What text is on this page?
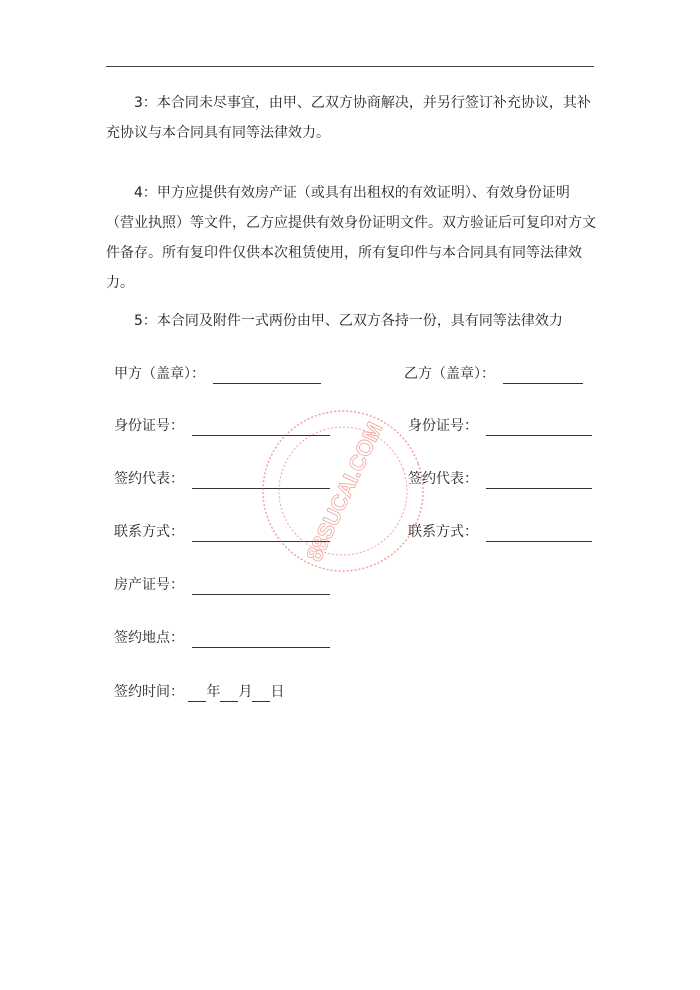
3：本合同未尽事宜，由甲、乙双方协商解决，并另行签订补充协议，其补充协议与本合同具有同等法律效力。

4：甲方应提供有效房产证（或具有出租权的有效证明）、有效身份证明（营业执照）等文件，乙方应提供有效身份证明文件。双方验证后可复印对方文件备存。所有复印件仅供本次租赁使用，所有复印件与本合同具有同等法律效力。

5：本合同及附件一式两份由甲、乙双方各持一份，具有同等法律效力

甲方（盖章）：
身份证号：
签约代表：
联系方式：
房产证号：
签约地点：
签约时间： 年 月 日
乙方（盖章）：
身份证号：
签约代表：
联系方式：
88SUCAI.COM
